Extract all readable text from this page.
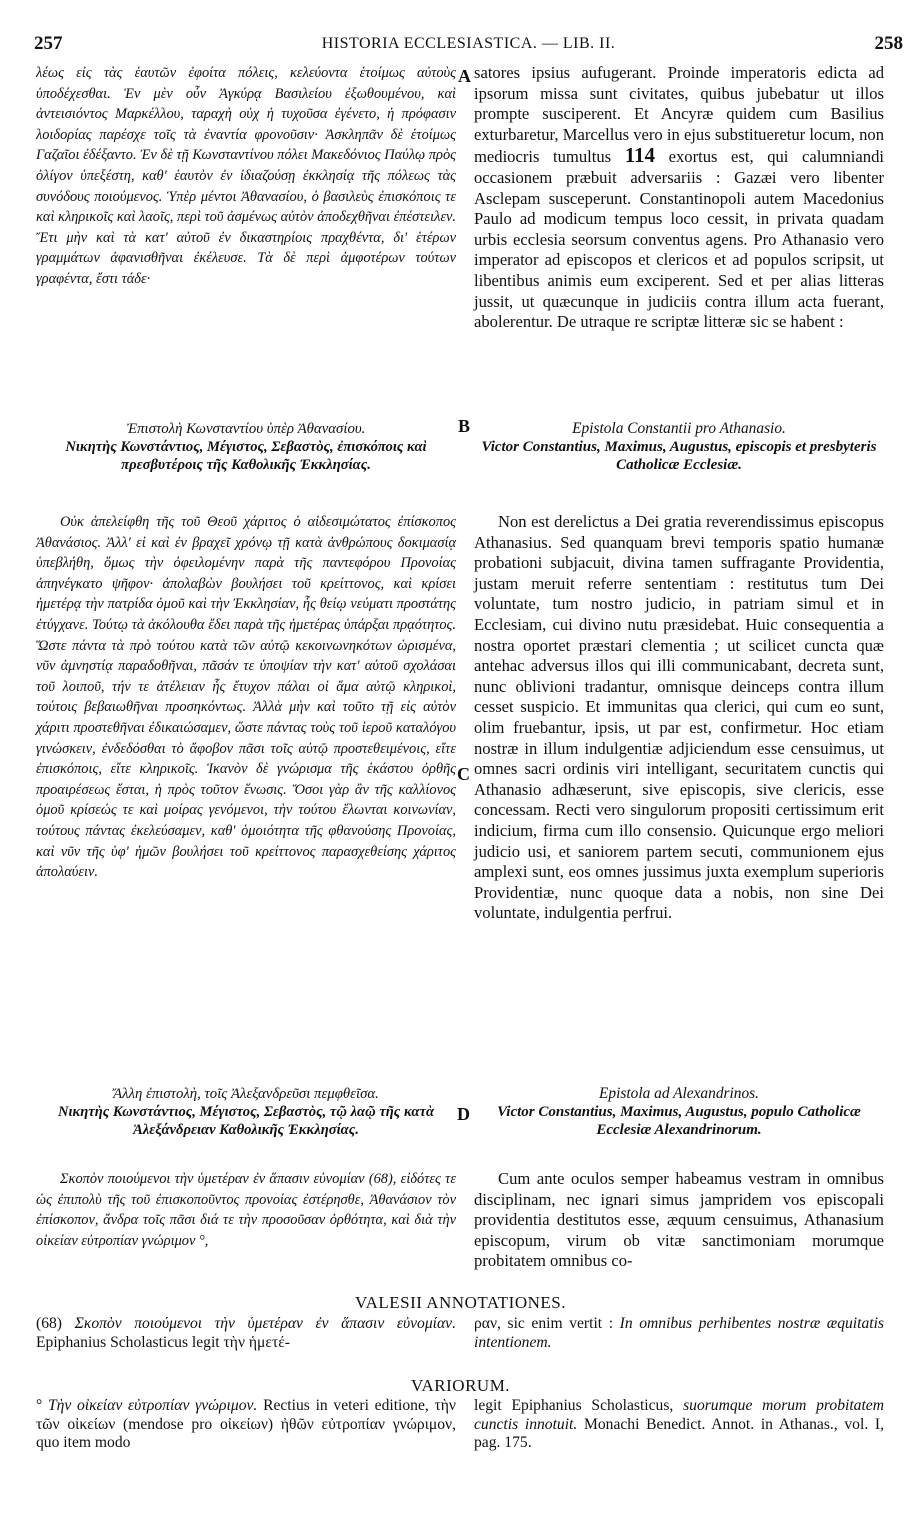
257	HISTORIA ECCLESIASTICA. — LIB. II.	258
A
B
C
D

λέως εἰς τὰς ἑαυτῶν ἐφοίτα πόλεις, κελεύοντα ἑτοίμως αὐτοὺς ὑποδέχεσθαι. Ἐν μὲν οὖν Ἀγκύρᾳ Βασιλείου ἐξωθουμένου, καὶ ἀντεισιόντος Μαρκέλλου, ταραχὴ οὐχ ἡ τυχοῦσα ἐγένετο, ἡ πρόφασιν λοιδορίας παρέσχε τοῖς τὰ ἐναντία φρονοῦσιν· Ἀσκληπᾶν δὲ ἑτοίμως Γαζαῖοι ἐδέξαντο. Ἐν δὲ τῇ Κωνσταντίνου πόλει Μακεδόνιος Παύλῳ πρὸς ὀλίγον ὑπεξέστη, καθ' ἑαυτὸν ἐν ἰδιαζούσῃ ἐκκλησίᾳ τῆς πόλεως τὰς συνόδους ποιούμενος. Ὑπὲρ μέντοι Ἀθανασίου, ὁ βασιλεὺς ἐπισκόποις τε καὶ κληρικοῖς καὶ λαοῖς, περὶ τοῦ ἀσμένως αὐτὸν ἀποδεχθῆναι ἐπέστειλεν. Ἔτι μὴν καὶ τὰ κατ' αὐτοῦ ἐν δικαστηρίοις πραχθέντα, δι' ἑτέρων γραμμάτων ἀφανισθῆναι ἐκέλευσε. Τὰ δὲ περὶ ἀμφοτέρων τούτων γραφέντα, ἔστι τάδε·

Ἐπιστολὴ Κωνσταντίου ὑπὲρ Ἀθανασίου.
Νικητὴς Κωνστάντιος, Μέγιστος, Σεβαστὸς, ἐπισκόποις καὶ πρεσβυτέροις τῆς Καθολικῆς Ἐκκλησίας.

Οὐκ ἀπελείφθη τῆς τοῦ Θεοῦ χάριτος ὁ αἰδεσιμώτατος ἐπίσκοπος Ἀθανάσιος. Ἀλλ' εἰ καὶ ἐν βραχεῖ χρόνῳ τῇ κατὰ ἀνθρώπους δοκιμασίᾳ ὑπεβλήθη, ὅμως τὴν ὀφειλομένην παρὰ τῆς παντεφόρου Προνοίας ἀπηνέγκατο ψῆφον· ἀπολαβὼν βουλήσει τοῦ κρείττονος, καὶ κρίσει ἡμετέρᾳ τὴν πατρίδα ὁμοῦ καὶ τὴν Ἐκκλησίαν, ἧς θείῳ νεύματι προστάτης ἐτύγχανε. Τούτῳ τὰ ἀκόλουθα ἔδει παρὰ τῆς ἡμετέρας ὑπάρξαι πρᾳότητος. Ὥστε πάντα τὰ πρὸ τούτου κατὰ τῶν αὐτῷ κεκοινωνηκότων ὡρισμένα, νῦν ἀμνηστίᾳ παραδοθῆναι, πᾶσάν τε ὑποψίαν τὴν κατ' αὐτοῦ σχολάσαι τοῦ λοιποῦ, τήν τε ἀτέλειαν ἧς ἔτυχον πάλαι οἱ ἅμα αὐτῷ κληρικοὶ, τούτοις βεβαιωθῆναι προσηκόντως. Ἀλλὰ μὴν καὶ τοῦτο τῇ εἰς αὐτὸν χάριτι προστεθῆναι ἐδικαιώσαμεν, ὥστε πάντας τοὺς τοῦ ἱεροῦ καταλόγου γινώσκειν, ἐνδεδόσθαι τὸ ἄφοβον πᾶσι τοῖς αὐτῷ προστεθειμένοις, εἴτε ἐπισκόποις, εἴτε κληρικοῖς. Ἱκανὸν δὲ γνώρισμα τῆς ἑκάστου ὀρθῆς προαιρέσεως ἔσται, ἡ πρὸς τοῦτον ἕνωσις. Ὅσοι γὰρ ἂν τῆς καλλίονος ὁμοῦ κρίσεώς τε καὶ μοίρας γενόμενοι, τὴν τούτου ἕλωνται κοινωνίαν, τούτους πάντας ἐκελεύσαμεν, καθ' ὁμοιότητα τῆς φθανούσης Προνοίας, καὶ νῦν τῆς ὑφ' ἡμῶν βουλήσει τοῦ κρείττονος παρασχεθείσης χάριτος ἀπολαύειν.

Ἄλλη ἐπιστολὴ, τοῖς Ἀλεξανδρεῦσι πεμφθεῖσα.
Νικητὴς Κωνστάντιος, Μέγιστος, Σεβαστὸς, τῷ λαῷ τῆς κατὰ Ἀλεξάνδρειαν Καθολικῆς Ἐκκλησίας.

Σκοπὸν ποιούμενοι τὴν ὑμετέραν ἐν ἅπασιν εὐνομίαν (68), εἰδότες τε ὡς ἐπιπολὺ τῆς τοῦ ἐπισκοποῦντος προνοίας ἐστέρησθε, Ἀθανάσιον τὸν ἐπίσκοπον, ἄνδρα τοῖς πᾶσι διά τε τὴν προσοῦσαν ὀρθότητα, καὶ διὰ τὴν οἰκείαν εὐτροπίαν γνώριμον °,

satores ipsius aufugerant. Proinde imperatoris edicta ad ipsorum missa sunt civitates, quibus jubebatur ut illos prompte susciperent. Et Ancyræ quidem cum Basilius exturbaretur, Marcellus vero in ejus substitueretur locum, non mediocris tumultus 114 exortus est, qui calumniandi occasionem præbuit adversariis : Gazæi vero libenter Asclepam susceperunt. Constantinopoli autem Macedonius Paulo ad modicum tempus loco cessit, in privata quadam urbis ecclesia seorsum conventus agens. Pro Athanasio vero imperator ad episcopos et clericos et ad populos scripsit, ut libentibus animis eum exciperent. Sed et per alias litteras jussit, ut quæcunque in judiciis contra illum acta fuerant, abolerentur. De utraque re scriptæ litteræ sic se habent :

Epistola Constantii pro Athanasio.
Victor Constantius, Maximus, Augustus, episcopis et presbyteris Catholicæ Ecclesiæ.

Non est derelictus a Dei gratia reverendissimus episcopus Athanasius. Sed quanquam brevi temporis spatio humanæ probationi subjacuit, divina tamen suffragante Providentia, justam meruit referre sententiam : restitutus tum Dei voluntate, tum nostro judicio, in patriam simul et in Ecclesiam, cui divino nutu præsidebat. Huic consequentia a nostra oportet præstari clementia ; ut scilicet cuncta quæ antehac adversus illos qui illi communicabant, decreta sunt, nunc oblivioni tradantur, omnisque deinceps contra illum cesset suspicio. Et immunitas qua clerici, qui cum eo sunt, olim fruebantur, ipsis, ut par est, confirmetur. Hoc etiam nostræ in illum indulgentiæ adjiciendum esse censuimus, ut omnes sacri ordinis viri intelligant, securitatem cunctis qui Athanasio adhæserunt, sive episcopis, sive clericis, esse concessam. Recti vero singulorum propositi certissimum erit indicium, firma cum illo consensio. Quicunque ergo meliori judicio usi, et saniorem partem secuti, communionem ejus amplexi sunt, eos omnes jussimus juxta exemplum superioris Providentiæ, nunc quoque data a nobis, non sine Dei voluntate, indulgentia perfrui.

Epistola ad Alexandrinos.
Victor Constantius, Maximus, Augustus, populo Catholicæ Ecclesiæ Alexandrinorum.

Cum ante oculos semper habeamus vestram in omnibus disciplinam, nec ignari simus jampridem vos episcopali providentia destitutos esse, æquum censuimus, Athanasium episcopum, virum ob vitæ sanctimoniam morumque probitatem omnibus co-

VALESII ANNOTATIONES.
(68) Σκοπὸν ποιούμενοι τὴν ὑμετέραν ἐν ἅπασιν εὐνομίαν. Epiphanius Scholasticus legit τὴν ἡμετέ-
ραν, sic enim vertit : In omnibus perhibentes nostræ æquitatis intentionem.
VARIORUM.
° Τὴν οἰκείαν εὐτροπίαν γνώριμον. Rectius in veteri editione, τὴν τῶν οἰκείων (mendose pro οἰκείων) ἠθῶν εὐτροπίαν γνώριμον, quo item modo
legit Epiphanius Scholasticus, suorumque morum probitatem cunctis innotuit. Monachi Benedict. Annot. in Athanas., vol. I, pag. 175.
